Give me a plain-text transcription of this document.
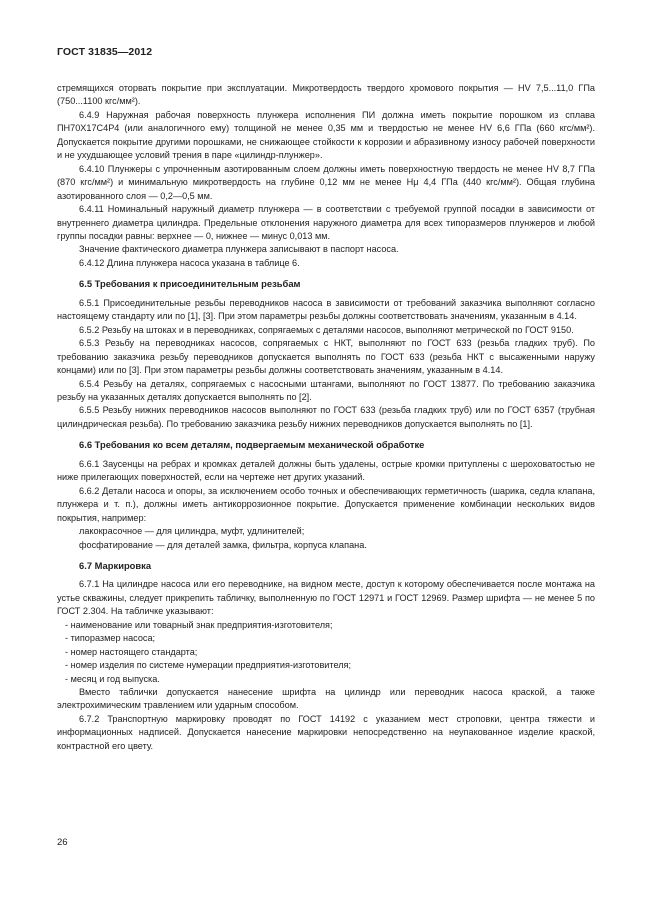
ГОСТ 31835—2012

стремящихся оторвать покрытие при эксплуатации. Микротвердость твердого хромового покрытия — HV 7,5...11,0 ГПа (750...1100 кгс/мм²).

6.4.9 Наружная рабочая поверхность плунжера исполнения ПИ должна иметь покрытие порошком из сплава ПН70Х17С4Р4 (или аналогичного ему) толщиной не менее 0,35 мм и твердостью не менее HV 6,6 ГПа (660 кгс/мм²). Допускается покрытие другими порошками, не снижающее стойкости к коррозии и абразивному износу рабочей поверхности и не ухудшающее условий трения в паре «цилиндр-плунжер».

6.4.10 Плунжеры с упрочненным азотированным слоем должны иметь поверхностную твердость не менее HV 8,7 ГПа (870 кгс/мм²) и минимальную микротвердость на глубине 0,12 мм не менее Hμ 4,4 ГПа (440 кгс/мм²). Общая глубина азотированного слоя — 0,2—0,5 мм.

6.4.11 Номинальный наружный диаметр плунжера — в соответствии с требуемой группой посадки в зависимости от внутреннего диаметра цилиндра. Предельные отклонения наружного диаметра для всех типоразмеров плунжеров и любой группы посадки равны: верхнее — 0, нижнее — минус 0,013 мм.

Значение фактического диаметра плунжера записывают в паспорт насоса.

6.4.12 Длина плунжера насоса указана в таблице 6.

6.5 Требования к присоединительным резьбам

6.5.1 Присоединительные резьбы переводников насоса в зависимости от требований заказчика выполняют согласно настоящему стандарту или по [1], [3]. При этом параметры резьбы должны соответствовать значениям, указанным в 4.14.

6.5.2 Резьбу на штоках и в переводниках, сопрягаемых с деталями насосов, выполняют метрической по ГОСТ 9150.

6.5.3 Резьбу на переводниках насосов, сопрягаемых с НКТ, выполняют по ГОСТ 633 (резьба гладких труб). По требованию заказчика резьбу переводников допускается выполнять по ГОСТ 633 (резьба НКТ с высаженными наружу концами) или по [3]. При этом параметры резьбы должны соответствовать значениям, указанным в 4.14.

6.5.4 Резьбу на деталях, сопрягаемых с насосными штангами, выполняют по ГОСТ 13877. По требованию заказчика резьбу на указанных деталях допускается выполнять по [2].

6.5.5 Резьбу нижних переводников насосов выполняют по ГОСТ 633 (резьба гладких труб) или по ГОСТ 6357 (трубная цилиндрическая резьба). По требованию заказчика резьбу нижних переводников допускается выполнять по [1].

6.6 Требования ко всем деталям, подвергаемым механической обработке

6.6.1 Заусенцы на ребрах и кромках деталей должны быть удалены, острые кромки притуплены с шероховатостью не ниже прилегающих поверхностей, если на чертеже нет других указаний.

6.6.2 Детали насоса и опоры, за исключением особо точных и обеспечивающих герметичность (шарика, седла клапана, плунжера и т. п.), должны иметь антикоррозионное покрытие. Допускается применение комбинации нескольких видов покрытия, например:

лакокрасочное — для цилиндра, муфт, удлинителей;

фосфатирование — для деталей замка, фильтра, корпуса клапана.

6.7 Маркировка

6.7.1 На цилиндре насоса или его переводнике, на видном месте, доступ к которому обеспечивается после монтажа на устье скважины, следует прикрепить табличку, выполненную по ГОСТ 12971 и ГОСТ 12969. Размер шрифта — не менее 5 по ГОСТ 2.304. На табличке указывают:

- наименование или товарный знак предприятия-изготовителя;

- типоразмер насоса;

- номер настоящего стандарта;

- номер изделия по системе нумерации предприятия-изготовителя;

- месяц и год выпуска.

Вместо таблички допускается нанесение шрифта на цилиндр или переводник насоса краской, а также электрохимическим травлением или ударным способом.

6.7.2 Транспортную маркировку проводят по ГОСТ 14192 с указанием мест строповки, центра тяжести и информационных надписей. Допускается нанесение маркировки непосредственно на неупакованное изделие краской, контрастной его цвету.

26
